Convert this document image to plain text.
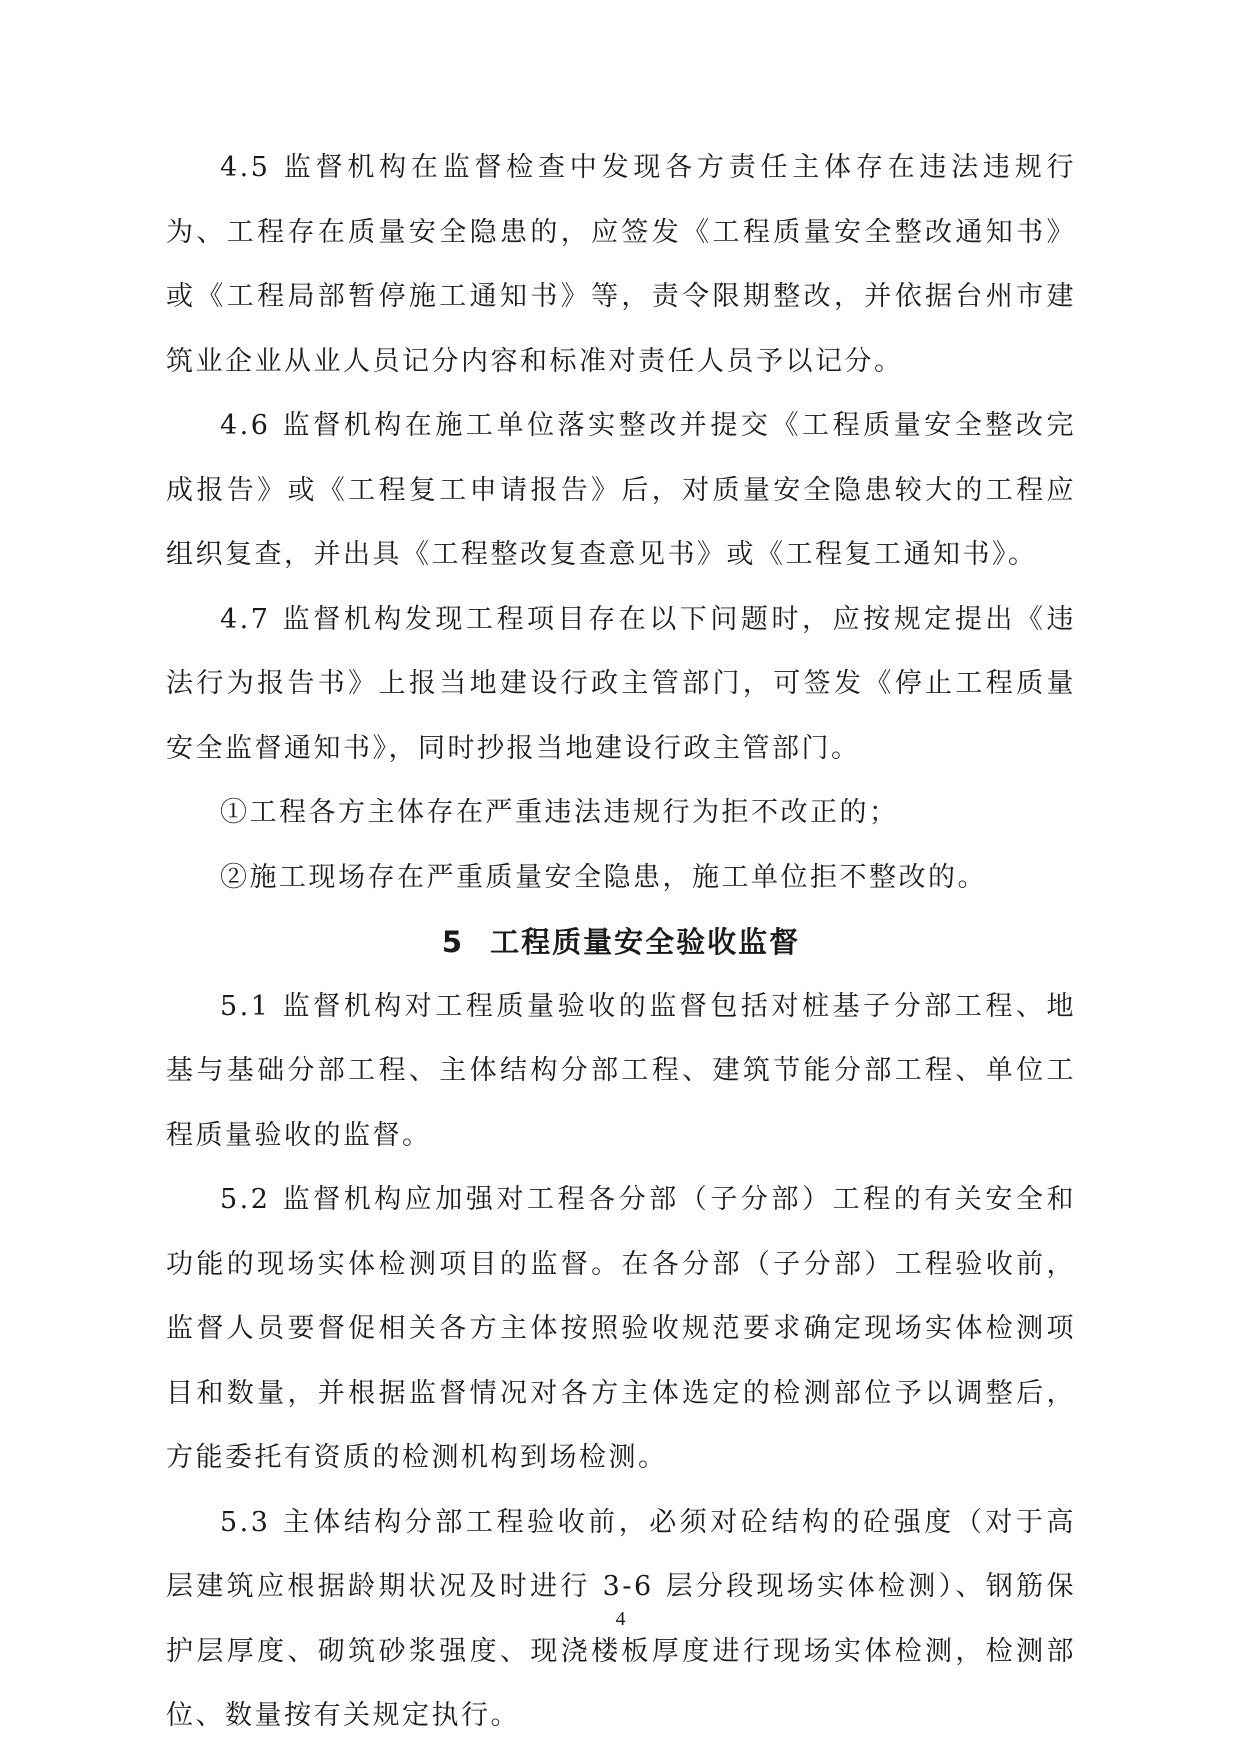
4.5 监督机构在监督检查中发现各方责任主体存在违法违规行为、工程存在质量安全隐患的，应签发《工程质量安全整改通知书》或《工程局部暂停施工通知书》等，责令限期整改，并依据台州市建筑业企业从业人员记分内容和标准对责任人员予以记分。

4.6 监督机构在施工单位落实整改并提交《工程质量安全整改完成报告》或《工程复工申请报告》后，对质量安全隐患较大的工程应组织复查，并出具《工程整改复查意见书》或《工程复工通知书》。

4.7 监督机构发现工程项目存在以下问题时，应按规定提出《违法行为报告书》上报当地建设行政主管部门，可签发《停止工程质量安全监督通知书》，同时抄报当地建设行政主管部门。

①工程各方主体存在严重违法违规行为拒不改正的；

②施工现场存在严重质量安全隐患，施工单位拒不整改的。

5 工程质量安全验收监督

5.1 监督机构对工程质量验收的监督包括对桩基子分部工程、地基与基础分部工程、主体结构分部工程、建筑节能分部工程、单位工程质量验收的监督。

5.2 监督机构应加强对工程各分部（子分部）工程的有关安全和功能的现场实体检测项目的监督。在各分部（子分部）工程验收前，监督人员要督促相关各方主体按照验收规范要求确定现场实体检测项目和数量，并根据监督情况对各方主体选定的检测部位予以调整后，方能委托有资质的检测机构到场检测。

5.3 主体结构分部工程验收前，必须对砼结构的砼强度（对于高层建筑应根据龄期状况及时进行 3-6 层分段现场实体检测）、钢筋保护层厚度、砌筑砂浆强度、现浇楼板厚度进行现场实体检测，检测部位、数量按有关规定执行。

4
